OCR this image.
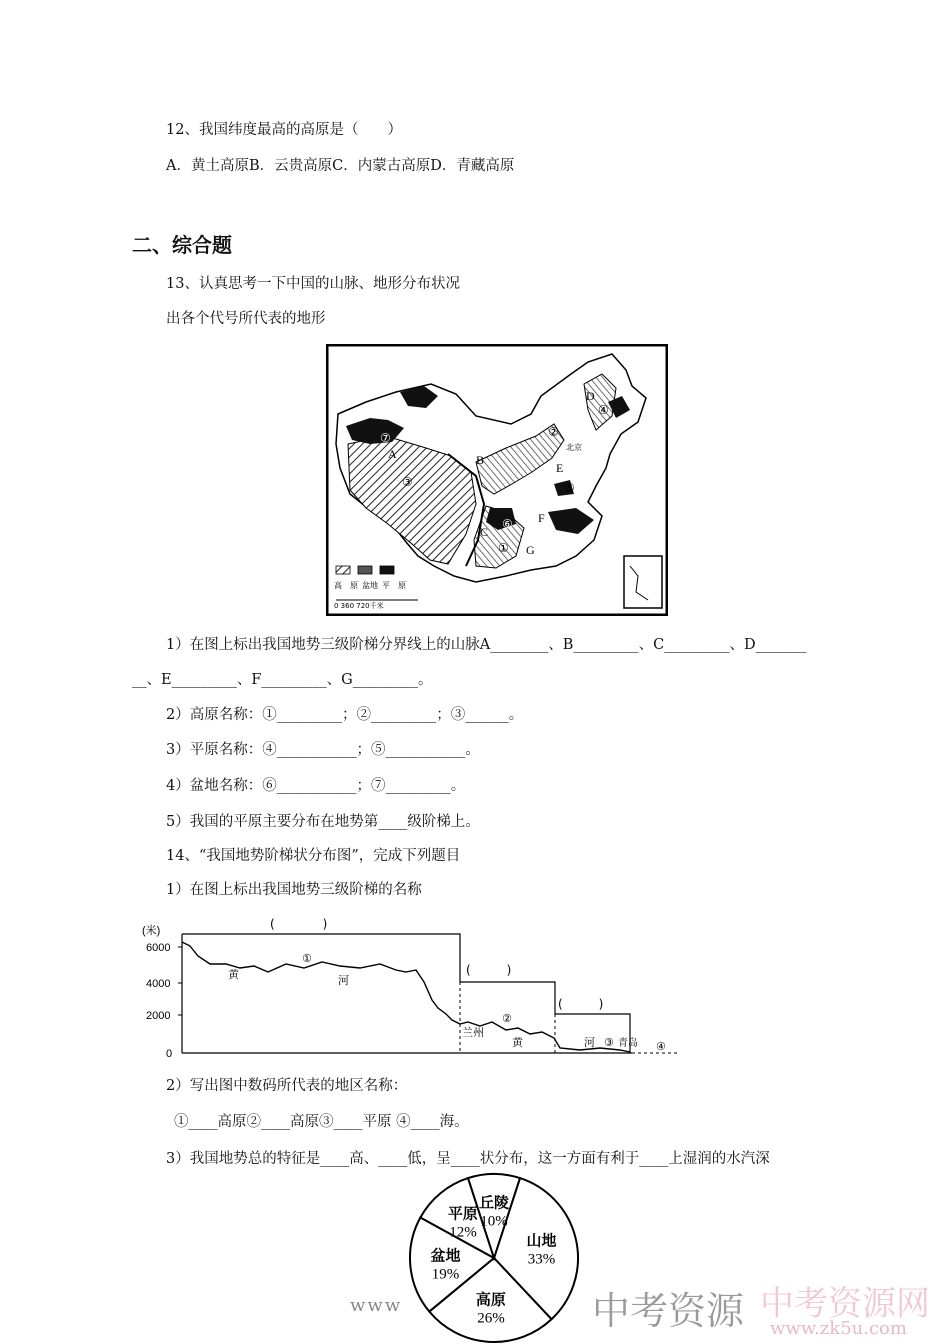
12、我国纬度最高的高原是（　　）
A．黄土高原B．云贵高原C．内蒙古高原D．青藏高原
二、综合题
13、认真思考一下中国的山脉、地形分布状况
出各个代号所代表的地形
A	B
C
D
E
F
G
①
②
③
④
⑤
⑥
⑦
北京
高　原 盆地 平　原
0 360 720千米
1）在图上标出我国地势三级阶梯分界线上的山脉A________、B_________、C_________、D_______
__、E_________、F_________、G_________。
2）高原名称：①_________；②_________；③______。
3）平原名称：④___________；⑤___________。
4）盆地名称：⑥___________；⑦_________。
5）我国的平原主要分布在地势第____级阶梯上。
14、“我国地势阶梯状分布图”，完成下列题目
1）在图上标出我国地势三级阶梯的名称
(米)
6000
4000
2000
0
(　　　　)
(　　　)
(　　　)
黄
①
河
兰州
②
黄	河 ③ 青岛 ④
2）写出图中数码所代表的地区名称：
①____高原②____高原③____平原 ④____海。
3）我国地势总的特征是____高、____低，呈____状分布，这一方面有利于____上湿润的水汽深
山地
33%
高原
26%
盆地
19%
平原
12%
丘陵
10%
www	中考资源 中考资源网
www.zk5u.com
